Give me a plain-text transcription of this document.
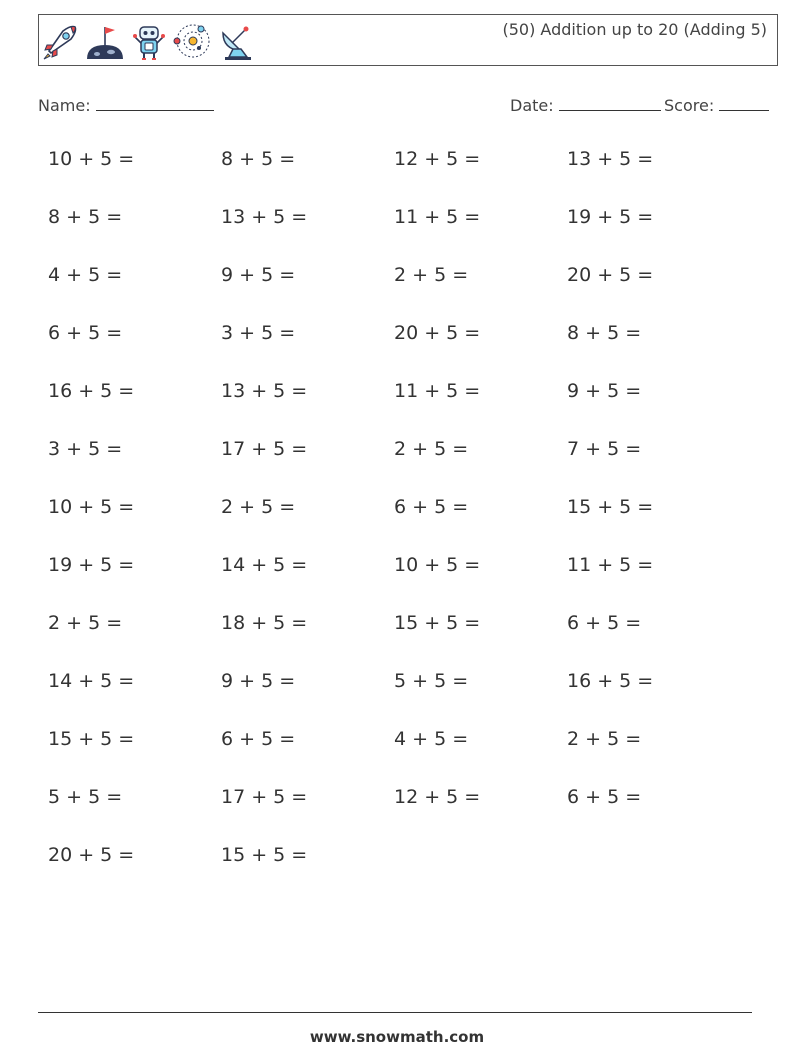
(50) Addition up to 20 (Adding 5)
Name:	Date:	Score:
10 + 5 =	8 + 5 =	12 + 5 =	13 + 5 =
8 + 5 =	13 + 5 =	11 + 5 =	19 + 5 =
4 + 5 =	9 + 5 =	2 + 5 =	20 + 5 =
6 + 5 =	3 + 5 =	20 + 5 =	8 + 5 =
16 + 5 =	13 + 5 =	11 + 5 =	9 + 5 =
3 + 5 =	17 + 5 =	2 + 5 =	7 + 5 =
10 + 5 =	2 + 5 =	6 + 5 =	15 + 5 =
19 + 5 =	14 + 5 =	10 + 5 =	11 + 5 =
2 + 5 =	18 + 5 =	15 + 5 =	6 + 5 =
14 + 5 =	9 + 5 =	5 + 5 =	16 + 5 =
15 + 5 =	6 + 5 =	4 + 5 =	2 + 5 =
5 + 5 =	17 + 5 =	12 + 5 =	6 + 5 =
20 + 5 =	15 + 5 =
www.snowmath.com
